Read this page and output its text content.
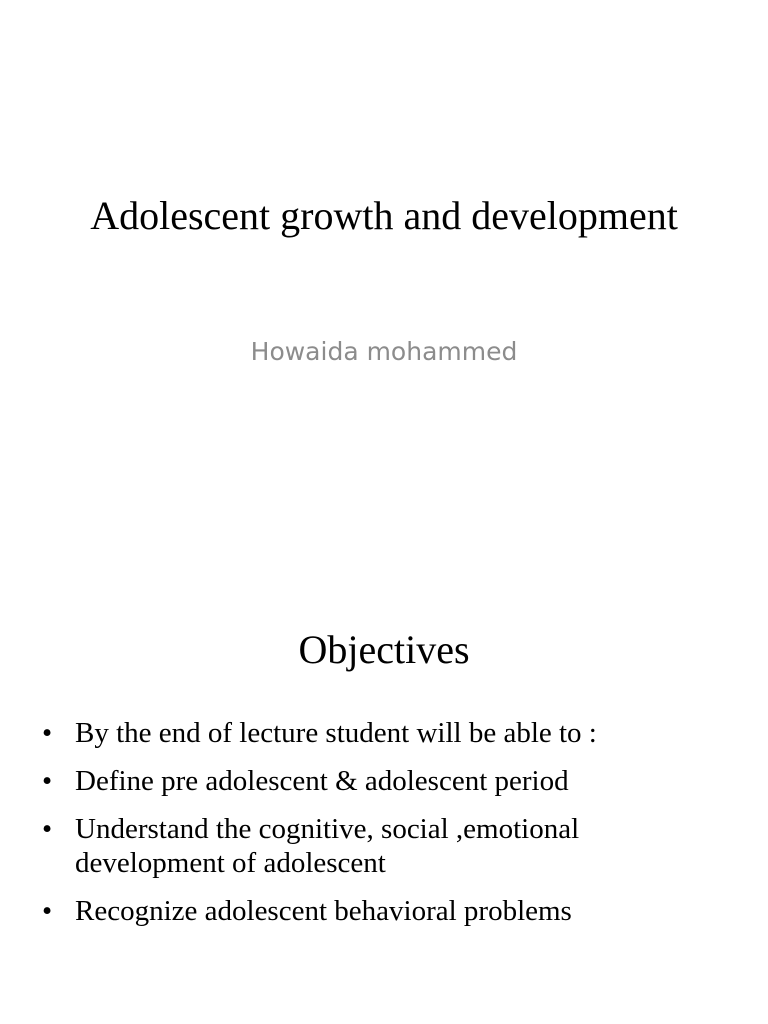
Adolescent growth and development

Howaida mohammed

Objectives
• By the end of lecture student will be able to :
• Define pre adolescent & adolescent period
• Understand the cognitive, social ,emotional development of adolescent
• Recognize adolescent behavioral problems
